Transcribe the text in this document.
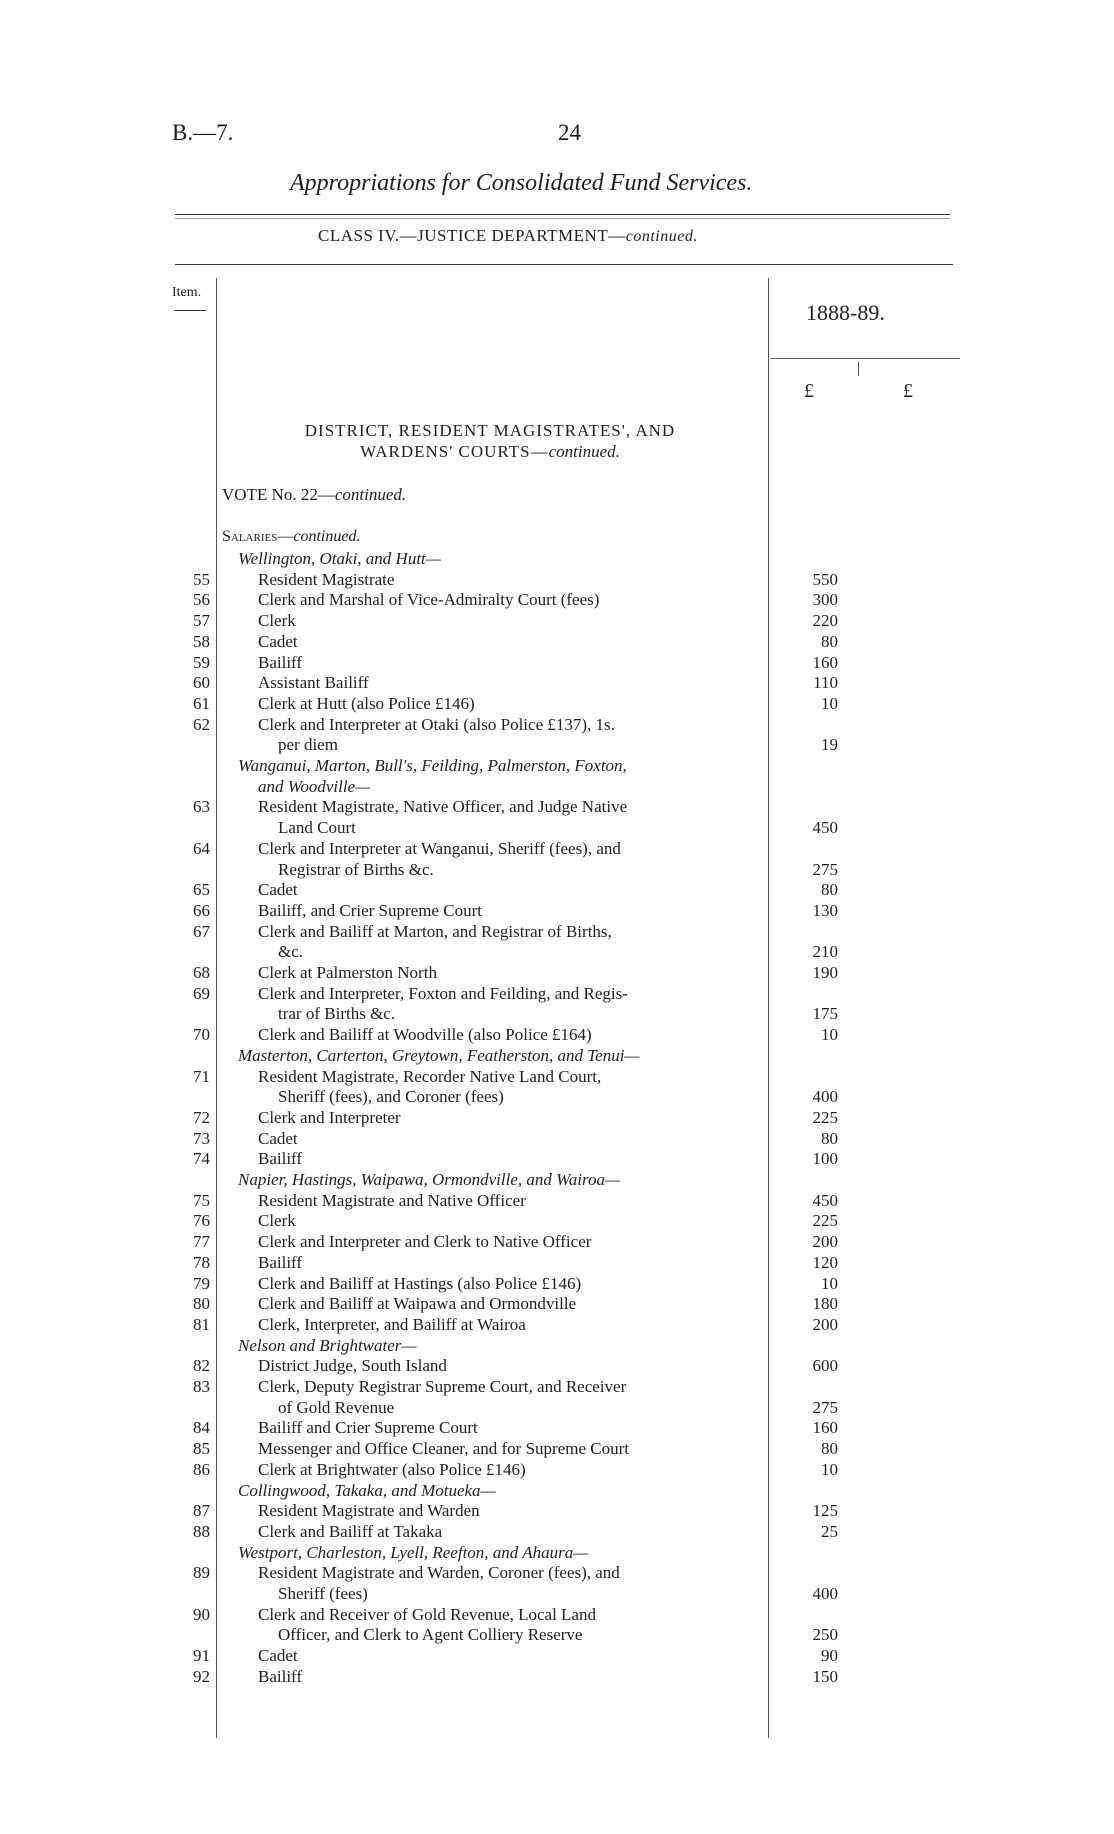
B.—7.	24
Appropriations for Consolidated Fund Services.
CLASS IV.—JUSTICE DEPARTMENT—continued.
Item.
1888-89.
£	£
DISTRICT, RESIDENT MAGISTRATES', AND
WARDENS' COURTS—continued.
VOTE No. 22—continued.
Salaries—continued.
Wellington, Otaki, and Hutt—
55	Resident Magistrate	550
56	Clerk and Marshal of Vice-Admiralty Court (fees)	300
57	Clerk	220
58	Cadet	80
59	Bailiff	160
60	Assistant Bailiff	110
61	Clerk at Hutt (also Police £146)	10
62	Clerk and Interpreter at Otaki (also Police £137), 1s.
per diem	19
Wanganui, Marton, Bull's, Feilding, Palmerston, Foxton,
and Woodville—
63	Resident Magistrate, Native Officer, and Judge Native
Land Court	450
64	Clerk and Interpreter at Wanganui, Sheriff (fees), and
Registrar of Births &c.	275
65	Cadet	80
66	Bailiff, and Crier Supreme Court	130
67	Clerk and Bailiff at Marton, and Registrar of Births,
&c.	210
68	Clerk at Palmerston North	190
69	Clerk and Interpreter, Foxton and Feilding, and Regis-
trar of Births &c.	175
70	Clerk and Bailiff at Woodville (also Police £164)	10
Masterton, Carterton, Greytown, Featherston, and Tenui—
71	Resident Magistrate, Recorder Native Land Court,
Sheriff (fees), and Coroner (fees)	400
72	Clerk and Interpreter	225
73	Cadet	80
74	Bailiff	100
Napier, Hastings, Waipawa, Ormondville, and Wairoa—
75	Resident Magistrate and Native Officer	450
76	Clerk	225
77	Clerk and Interpreter and Clerk to Native Officer	200
78	Bailiff	120
79	Clerk and Bailiff at Hastings (also Police £146)	10
80	Clerk and Bailiff at Waipawa and Ormondville	180
81	Clerk, Interpreter, and Bailiff at Wairoa	200
Nelson and Brightwater—
82	District Judge, South Island	600
83	Clerk, Deputy Registrar Supreme Court, and Receiver
of Gold Revenue	275
84	Bailiff and Crier Supreme Court	160
85	Messenger and Office Cleaner, and for Supreme Court	80
86	Clerk at Brightwater (also Police £146)	10
Collingwood, Takaka, and Motueka—
87	Resident Magistrate and Warden	125
88	Clerk and Bailiff at Takaka	25
Westport, Charleston, Lyell, Reefton, and Ahaura—
89	Resident Magistrate and Warden, Coroner (fees), and
Sheriff (fees)	400
90	Clerk and Receiver of Gold Revenue, Local Land
Officer, and Clerk to Agent Colliery Reserve	250
91	Cadet	90
92	Bailiff	150
